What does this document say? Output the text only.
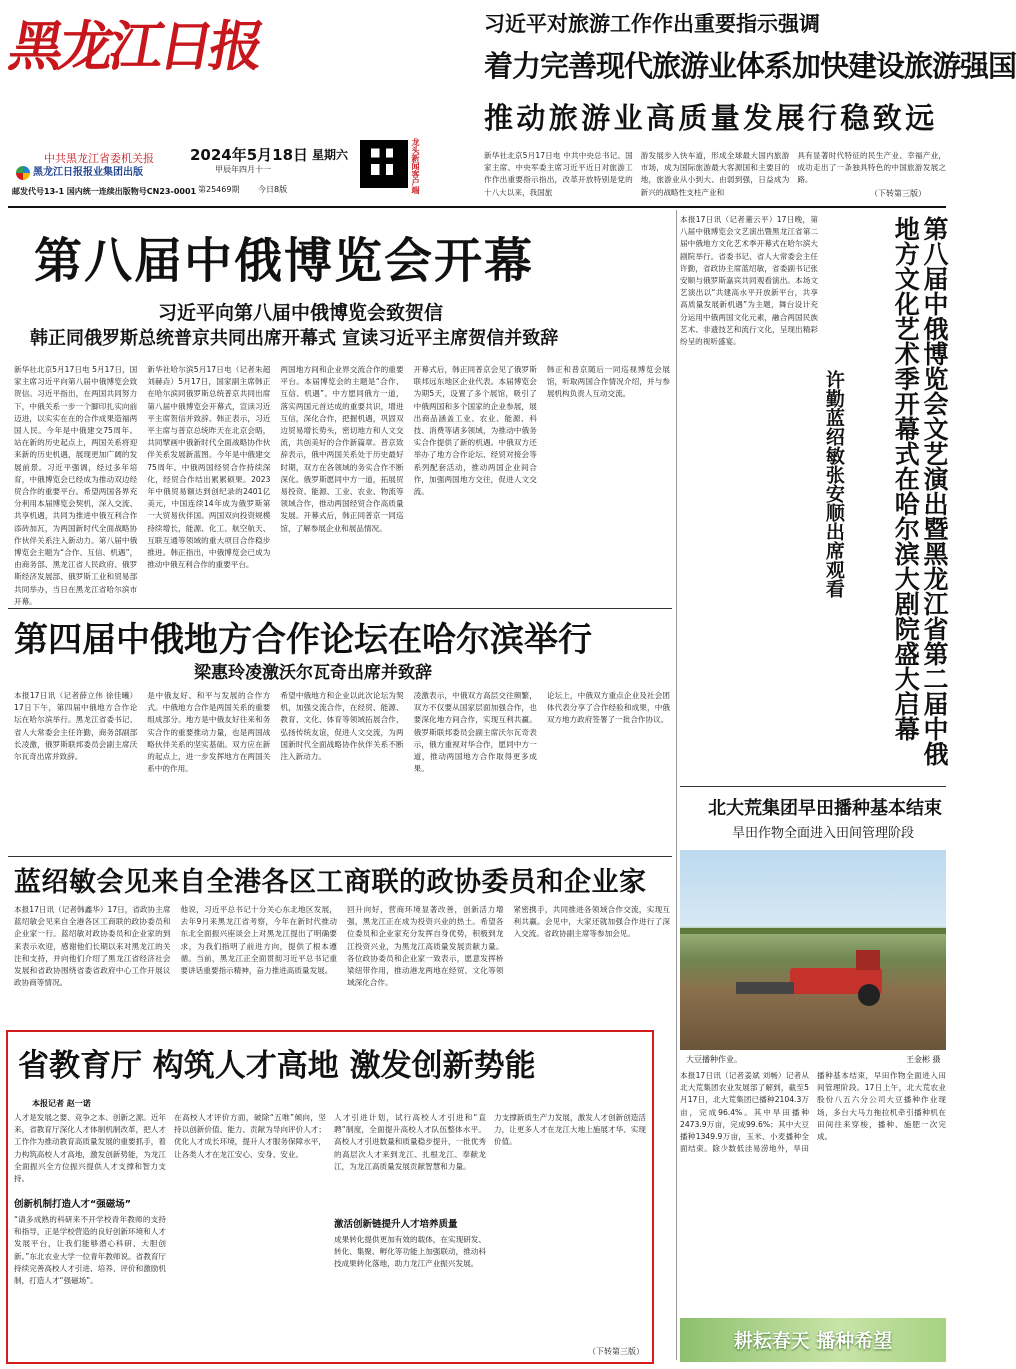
黑龙江日报
中共黑龙江省委机关报
黑龙江日报报业集团出版
邮发代号13-1 国内统一连续出版物号CN23-0001
2024年5月18日 星期六
甲辰年四月十一
第25469期 今日8版	龙头新闻客户端
习近平对旅游工作作出重要指示强调
着力完善现代旅游业体系加快建设旅游强国
推动旅游业高质量发展行稳致远
新华社北京5月17日电 中共中央总书记、国家主席、中央军委主席习近平近日对旅游工作作出重要指示指出，改革开放特别是党的十八大以来，我国旅
游发展步入快车道，形成全球最大国内旅游市场，成为国际旅游最大客源国和主要目的地，旅游业从小到大、由弱到强，日益成为新兴的战略性支柱产业和
具有显著时代特征的民生产业、幸福产业，成功走出了一条独具特色的中国旅游发展之路。
（下转第三版）
第八届中俄博览会开幕
习近平向第八届中俄博览会致贺信
韩正同俄罗斯总统普京共同出席开幕式 宣读习近平主席贺信并致辞
新华社北京5月17日电 5月17日，国家主席习近平向第八届中俄博览会致贺信。习近平指出，在两国共同努力下，中俄关系一步一个脚印扎实向前迈进，以实实在在的合作成果造福两国人民。今年是中俄建交75周年。站在新的历史起点上，两国关系将迎来新的历史机遇，展现更加广阔的发展前景。习近平强调，经过多年培育，中俄博览会已经成为推动双边经贸合作的重要平台。希望两国各界充分利用本届博览会契机，深入交流、共享机遇，共同为推进中俄互利合作添砖加瓦，为两国新时代全面战略协作伙伴关系注入新动力。第八届中俄博览会主题为“合作、互信、机遇”，由商务部、黑龙江省人民政府、俄罗斯经济发展部、俄罗斯工业和贸易部共同举办，当日在黑龙江省哈尔滨市开幕。
新华社哈尔滨5月17日电（记者朱超 刘赫垚）5月17日，国家副主席韩正在哈尔滨同俄罗斯总统普京共同出席第八届中俄博览会开幕式，宣读习近平主席贺信并致辞。韩正表示，习近平主席与普京总统昨天在北京会晤，共同擘画中俄新时代全面战略协作伙伴关系发展新蓝图。今年是中俄建交75周年。中俄两国经贸合作持续深化，经贸合作结出累累硕果。2023年中俄贸易额达到创纪录的2401亿美元，中国连续14年成为俄罗斯第一大贸易伙伴国。两国双向投资规模持续增长，能源、化工、航空航天、互联互通等领域的重大项目合作稳步推进。韩正指出，中俄博览会已成为推动中俄互利合作的重要平台。
两国地方间和企业界交流合作的重要平台。本届博览会的主题是“合作、互信、机遇”。中方愿同俄方一道，落实两国元首达成的重要共识，增进互信，深化合作，把握机遇，巩固双边贸易增长势头，密切地方和人文交流，共创美好的合作新篇章。普京致辞表示，俄中两国关系处于历史最好时期，双方在各领域的务实合作不断深化。俄罗斯愿同中方一道，拓展贸易投资、能源、工业、农业、物流等领域合作，推动两国经贸合作高质量发展。开幕式后，韩正同普京一同巡馆，了解参展企业和展品情况。
开幕式后，韩正同普京会见了俄罗斯联邦远东地区企业代表。本届博览会为期5天，设置了多个展馆，吸引了中俄两国和多个国家的企业参展，展出商品涵盖工业、农业、能源、科技、消费等诸多领域，为推动中俄务实合作提供了新的机遇。中俄双方还举办了地方合作论坛、经贸对接会等系列配套活动，推动两国企业间合作，加强两国地方交往，促进人文交流。
韩正和普京随后一同巡视博览会展馆，听取两国合作情况介绍，并与参展机构负责人互动交流。
第四届中俄地方合作论坛在哈尔滨举行
梁惠玲凌激沃尔瓦奇出席并致辞
本报17日讯（记者薛立伟 徐佳曦）17日下午，第四届中俄地方合作论坛在哈尔滨举行。黑龙江省委书记、省人大常委会主任许勤，商务部副部长凌激，俄罗斯联邦委员会副主席沃尔瓦奇出席并致辞。
是中俄友好、和平与发展的合作方式。中俄地方合作是两国关系的重要组成部分。地方是中俄友好往来和务实合作的重要推动力量，也是两国战略伙伴关系的坚实基础。双方应在新的起点上，进一步发挥地方在两国关系中的作用。
希望中俄地方和企业以此次论坛为契机，加强交流合作，在经贸、能源、教育、文化、体育等领域拓展合作，弘扬传统友谊，促进人文交流，为两国新时代全面战略协作伙伴关系不断注入新动力。
凌激表示，中俄双方高层交往频繁，双方不仅要从国家层面加强合作，也要深化地方间合作，实现互利共赢。俄罗斯联邦委员会副主席沃尔瓦奇表示，俄方重视对华合作，愿同中方一道，推动两国地方合作取得更多成果。
论坛上，中俄双方重点企业及社会团体代表分享了合作经验和成果，中俄双方地方政府签署了一批合作协议。
蓝绍敏会见来自全港各区工商联的政协委员和企业家
本报17日讯（记者韩鑫华）17日，省政协主席蓝绍敏会见来自全港各区工商联的政协委员和企业家一行。蓝绍敏对政协委员和企业家的到来表示欢迎，感谢他们长期以来对黑龙江的关注和支持，并向他们介绍了黑龙江省经济社会发展和省政协围绕省委省政府中心工作开展议政协商等情况。
他说，习近平总书记十分关心东北地区发展，去年9月来黑龙江省考察，今年在新时代推动东北全面振兴座谈会上对黑龙江提出了明确要求，为我们指明了前进方向，提供了根本遵循。当前，黑龙江正全面贯彻习近平总书记重要讲话重要指示精神，奋力推进高质量发展。
回升向好，营商环境显著改善，创新活力增强，黑龙江正在成为投资兴业的热土。希望各位委员和企业家充分发挥自身优势，积极到龙江投资兴业，为黑龙江高质量发展贡献力量。各位政协委员和企业家一致表示，愿意发挥桥梁纽带作用，推动港龙两地在经贸、文化等领域深化合作。
紧密携手，共同推进各领域合作交流，实现互利共赢。会见中，大家还就加强合作进行了深入交流。省政协副主席等参加会见。
省教育厅 构筑人才高地 激发创新势能
本报记者 赵一诺
人才是发展之要、竞争之本、创新之源。近年来，省教育厅深化人才体制机制改革，把人才工作作为推动教育高质量发展的重要抓手，着力构筑高校人才高地，激发创新势能，为龙江全面振兴全方位振兴提供人才支撑和智力支持。
创新机制打造人才“强磁场”
“请多成熟的科研来不开学校青年教师的支持和指导，正是学校营造的良好创新环境和人才发展平台，让我们能够潜心科研、大胆创新。”东北农业大学一位青年教师说。省教育厅持续完善高校人才引进、培养、评价和激励机制，打造人才“强磁场”。
在高校人才评价方面，破除“五唯”倾向，坚持以创新价值、能力、贡献为导向评价人才；优化人才成长环境，提升人才服务保障水平，让各类人才在龙江安心、安身、安业。
人才引进计划，试行高校人才引进和“直聘”制度，全面提升高校人才队伍整体水平。高校人才引进数量和质量稳步提升，一批优秀的高层次人才来到龙江、扎根龙江、奉献龙江，为龙江高质量发展贡献智慧和力量。
激活创新链提升人才培养质量
成果转化提供更加有效的载体，在实现研发、转化、集聚、孵化等功能上加强联动，推动科技成果转化落地，助力龙江产业振兴发展。
力支撑新质生产力发展，激发人才创新创造活力，让更多人才在龙江大地上施展才华、实现价值。
（下转第三版）
本报17日讯（记者董云平）17日晚，第八届中俄博览会文艺演出暨黑龙江省第二届中俄地方文化艺术季开幕式在哈尔滨大剧院举行。省委书记、省人大常委会主任许勤，省政协主席蓝绍敏，省委副书记张安顺与俄罗斯嘉宾共同观看演出。本场文艺演出以“共建高水平开放新平台，共享高质量发展新机遇”为主题，舞台设计充分运用中俄两国文化元素，融合两国民族艺术、非遗技艺和流行文化，呈现出精彩纷呈的视听盛宴。	第八届中俄博览会文艺演出暨黑龙江省第二届中俄地方文化艺术季开幕式在哈尔滨大剧院盛大启幕
许勤蓝绍敏张安顺出席观看
北大荒集团早田播种基本结束
旱田作物全面进入田间管理阶段
大豆播种作业。	王金彬 摄
本报17日讯（记者姜斌 刘畅）记者从北大荒集团农业发展部了解到，截至5月17日，北大荒集团已播种2104.3万亩，完成96.4%。其中旱田播种2473.9万亩，完成99.6%；其中大豆播种1349.9万亩，玉米、小麦播种全面结束。除少数低洼易涝地外，旱田播种基本结束，早田作物全面进入田间管理阶段。17日上午，北大荒农业股份八五六分公司大豆播种作业现场，多台大马力拖拉机牵引播种机在田间往来穿梭，播种、施肥一次完成。
耕耘春天 播种希望
